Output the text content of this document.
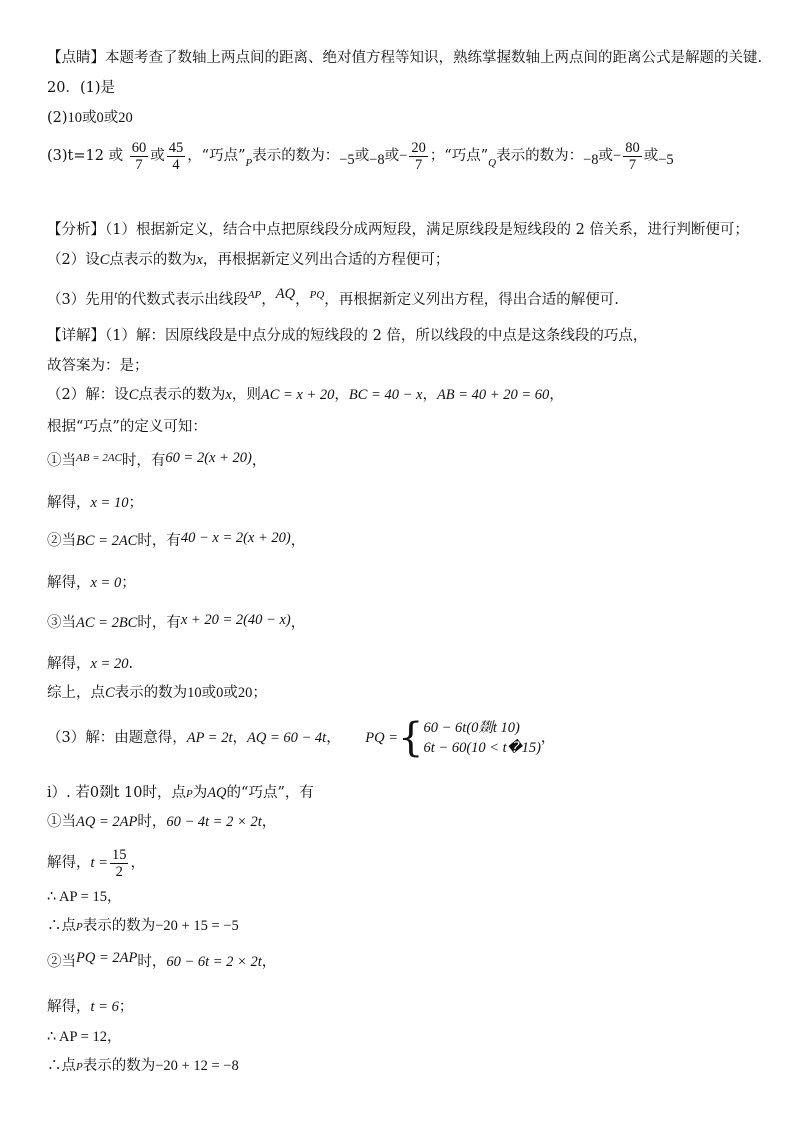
【点睛】本题考查了数轴上两点间的距离、绝对值方程等知识，熟练掌握数轴上两点间的距离公式是解题的关键.
20．(1)是
(2)10或0或20
(3)t=12 或 $\frac{60}{7}$ 或 $\frac{45}{4}$ ，“巧点$”_P$表示的数为：−5或−8或− $\frac{20}{7}$ ；“巧点$”_Q$表示的数为：−8或− $\frac{80}{7}$ 或−5
【分析】（1）根据新定义，结合中点把原线段分成两短段，满足原线段是短线段的 2 倍关系，进行判断便可；
（2）设C点表示的数为x，再根据新定义列出合适的方程便可；
（3）先用$^t$的代数式表示出线段$^{AP}$，AQ，$^{PQ}$，再根据新定义列出方程，得出合适的解便可.
【详解】（1）解：因原线段是中点分成的短线段的 2 倍，所以线段的中点是这条线段的巧点，
故答案为：是；
（2）解：设C点表示的数为x，则AC = x + 20，BC = 40 − x，AB = 40 + 20 = 60，
根据“巧点”的定义可知：
①当$^{AB = 2AC}$时，有60 = 2(x + 20)，
解得，x = 10；
②当BC = 2AC时，有40 − x = 2(x + 20)，
解得，x = 0；
③当AC = 2BC时，有x + 20 = 2(40 − x)，
解得，x = 20.
综上，点C表示的数为10或0或20；
（3）解：由题意得，AP = 2t，AQ = 60 − 4t， PQ ={ 60 − 6t(0剟t 10)
6t − 60(10 < t�15)
，
i）. 若0剟t 10时，点P为AQ的“巧点”，有
①当AQ = 2AP时，60 − 4t = 2 × 2t，
解得，$t = \frac{15}{2}$ ，
∴ AP = 15，
∴点P表示的数为−20 + 15 = −5
②当PQ = 2AP时，60 − 6t = 2 × 2t，
解得，t = 6；
∴ AP = 12，
∴点P表示的数为−20 + 12 = −8
